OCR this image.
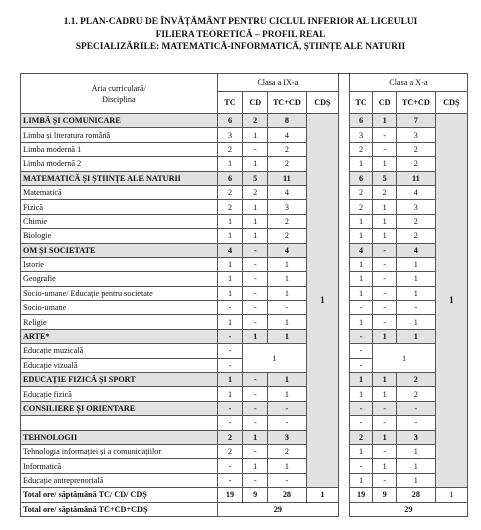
1.1. PLAN-CADRU DE ÎNVĂȚĂMÂNT PENTRU CICLUL INFERIOR AL LICEULUI
FILIERA TEORETICĂ – PROFIL REAL
SPECIALIZĂRILE: MATEMATICĂ-INFORMATICĂ, ȘTIINȚE ALE NATURII
Aria curriculară/
Disciplina	Clasa a IX-a					Clasa a X-a			
	TC	CD	TC+CD	CDȘ		TC	CD	TC+CD	CDȘ
LIMBĂ ȘI COMUNICARE	6	2	8	1		6	1	7	1
Limba și literatura română	3	1	4			3	-	3	
Limba modernă 1	2	-	2			2	-	2	
Limba modernă 2	1	1	2			1	1	2	
MATEMATICĂ ȘI ȘTIINȚE ALE NATURII	6	5	11			6	5	11	
Matematică	2	2	4			2	2	4	
Fizică	2	1	3			2	1	3	
Chimie	1	1	2			1	1	2	
Biologie	1	1	2			1	1	2	
OM ȘI SOCIETATE	4	-	4			4	-	4	
Istorie	1	-	1			1	-	1	
Geografie	1	-	1			1	-	1	
Socio-umane/ Educație pentru societate	1	-	1			1	-	1	
Socio-umane	-	-	-			-	-	-	
Religie	1	-	1			1	-	1	
ARTE*	-	1	1			-	1	1	
Educație muzicală	-	1				-	1		
Educație vizuală	-					-			
EDUCAȚIE FIZICĂ ȘI SPORT	1	-	1			1	1	2	
Educație fizică	1	-	1			1	1	2	
CONSILIERE ȘI ORIENTARE	-	-	-			-	-	-	
	-	-	-			-	-	-	
TEHNOLOGII	2	1	3			2	1	3	
Tehnologia informației și a comunicațiilor	2	-	2			1	-	1	
Informatică	-	1	1			-	1	1	
Educație antreprenorială	-	-	-			1	-	1	
Total ore/ săptămână TC/ CD/ CDȘ	19	9	28	1		19	9	28	1
Total ore/ săptămână TC+CD+CDȘ	29					29			
